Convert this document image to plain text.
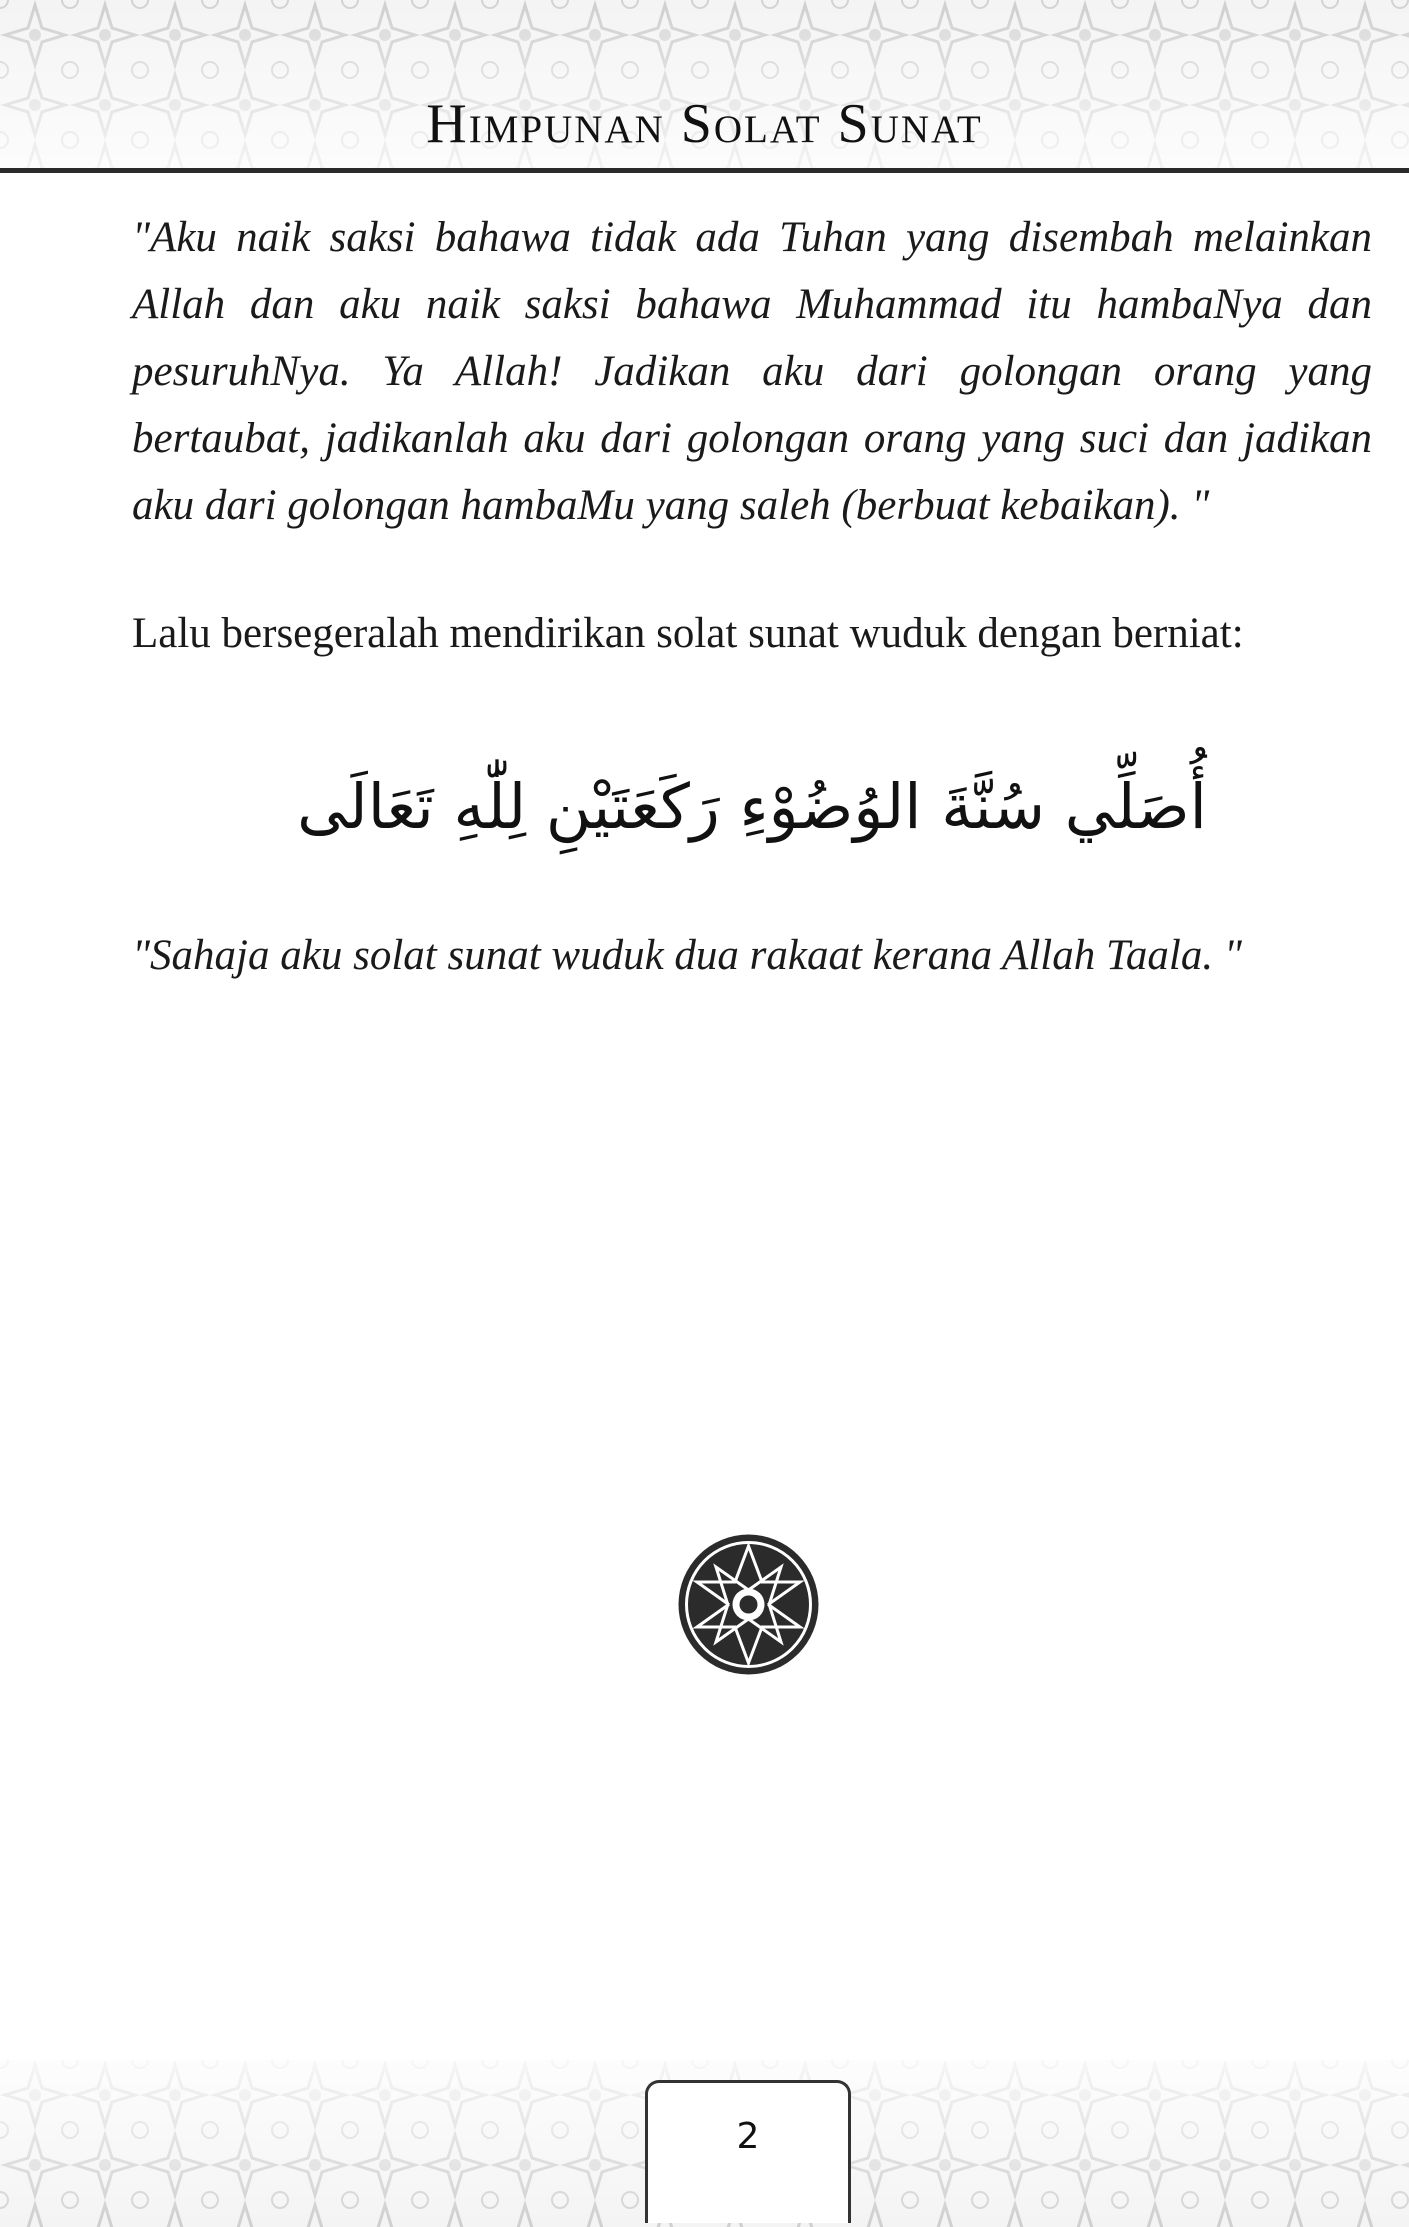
Himpunan Solat Sunat

"Aku naik saksi bahawa tidak ada Tuhan yang disembah melainkan Allah dan aku naik saksi bahawa Muhammad itu hambaNya dan pesuruhNya. Ya Allah! Jadikan aku dari golongan orang yang bertaubat, jadikanlah aku dari golongan orang yang suci dan jadikan aku dari golongan hambaMu yang saleh (berbuat kebaikan). "

Lalu bersegeralah mendirikan solat sunat wuduk dengan berniat:

أُصَلِّي سُنَّةَ الوُضُوْءِ رَكَعَتَيْنِ لِلّٰهِ تَعَالَى

"Sahaja aku solat sunat wuduk dua rakaat kerana Allah Taala. "

2
